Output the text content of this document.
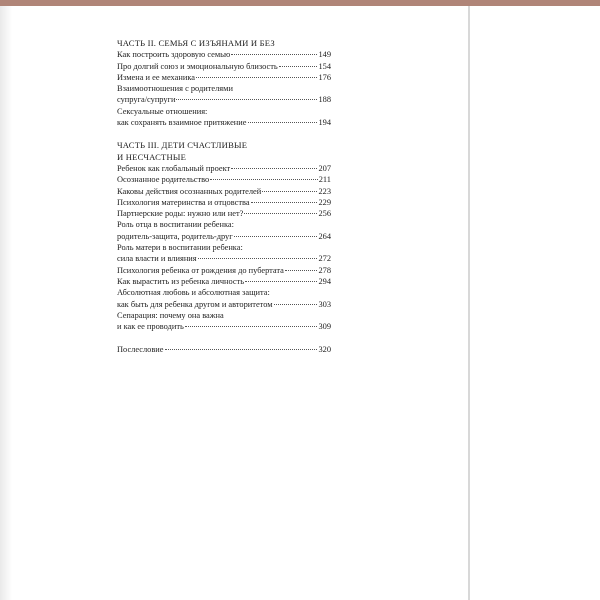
ЧАСТЬ II. СЕМЬЯ С ИЗЪЯНАМИ И БЕЗ
Как построить здоровую семью	149
Про долгий союз и эмоциональную близость	154
Измена и ее механика	176
Взаимоотношения с родителями
супруга/супруги	188
Сексуальные отношения:
как сохранять взаимное притяжение	194
ЧАСТЬ III. ДЕТИ СЧАСТЛИВЫЕ
И НЕСЧАСТНЫЕ
Ребенок как глобальный проект	207
Осознанное родительство	211
Каковы действия осознанных родителей	223
Психология материнства и отцовства	229
Партнерские роды: нужно или нет?	256
Роль отца в воспитании ребенка:
родитель-защита, родитель-друг	264
Роль матери в воспитании ребенка:
сила власти и влияния	272
Психология ребенка от рождения до пубертата	278
Как вырастить из ребенка личность	294
Абсолютная любовь и абсолютная защита:
как быть для ребенка другом и авторитетом	303
Сепарация: почему она важна
и как ее проводить	309
Послесловие	320
